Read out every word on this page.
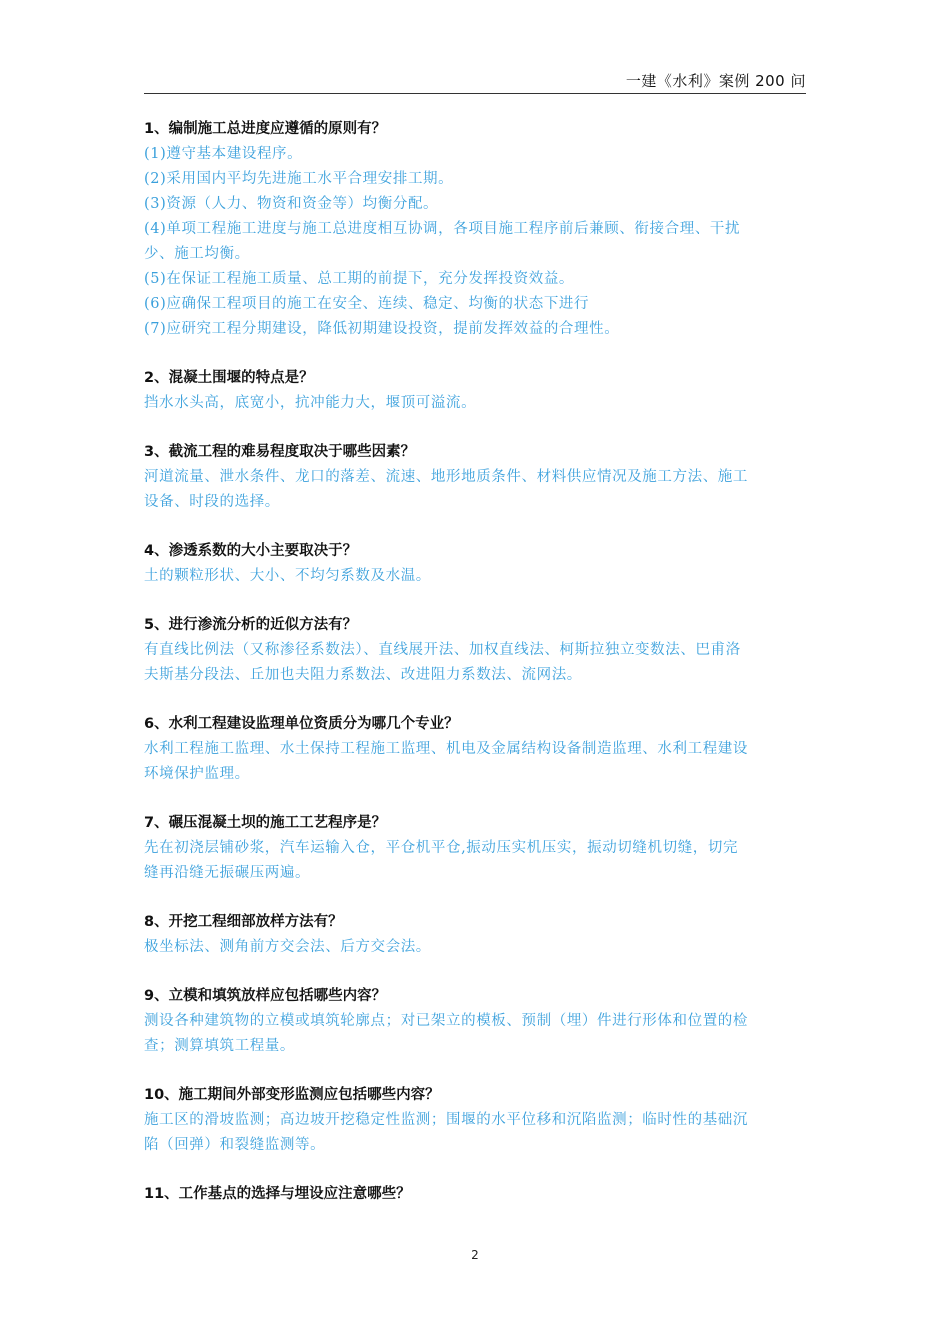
一建《水利》案例 200 问

1、编制施工总进度应遵循的原则有？

(1)遵守基本建设程序。

(2)采用国内平均先进施工水平合理安排工期。

(3)资源（人力、物资和资金等）均衡分配。

(4)单项工程施工进度与施工总进度相互协调，各项目施工程序前后兼顾、衔接合理、干扰

少、施工均衡。

(5)在保证工程施工质量、总工期的前提下，充分发挥投资效益。

(6)应确保工程项目的施工在安全、连续、稳定、均衡的状态下进行

(7)应研究工程分期建设，降低初期建设投资，提前发挥效益的合理性。

2、混凝土围堰的特点是？

挡水水头高，底宽小，抗冲能力大，堰顶可溢流。

3、截流工程的难易程度取决于哪些因素？

河道流量、泄水条件、龙口的落差、流速、地形地质条件、材料供应情况及施工方法、施工

设备、时段的选择。

4、渗透系数的大小主要取决于？

土的颗粒形状、大小、不均匀系数及水温。

5、进行渗流分析的近似方法有？

有直线比例法（又称渗径系数法）、直线展开法、加权直线法、柯斯拉独立变数法、巴甫洛

夫斯基分段法、丘加也夫阻力系数法、改进阻力系数法、流网法。

6、水利工程建设监理单位资质分为哪几个专业？

水利工程施工监理、水土保持工程施工监理、机电及金属结构设备制造监理、水利工程建设

环境保护监理。

7、碾压混凝土坝的施工工艺程序是？

先在初浇层铺砂浆，汽车运输入仓，平仓机平仓,振动压实机压实，振动切缝机切缝，切完

缝再沿缝无振碾压两遍。

8、开挖工程细部放样方法有？

极坐标法、测角前方交会法、后方交会法。

9、立模和填筑放样应包括哪些内容？

测设各种建筑物的立模或填筑轮廓点；对已架立的模板、预制（埋）件进行形体和位置的检

查；测算填筑工程量。

10、施工期间外部变形监测应包括哪些内容？

施工区的滑坡监测；高边坡开挖稳定性监测；围堰的水平位移和沉陷监测；临时性的基础沉

陷（回弹）和裂缝监测等。

11、工作基点的选择与埋设应注意哪些？

2
